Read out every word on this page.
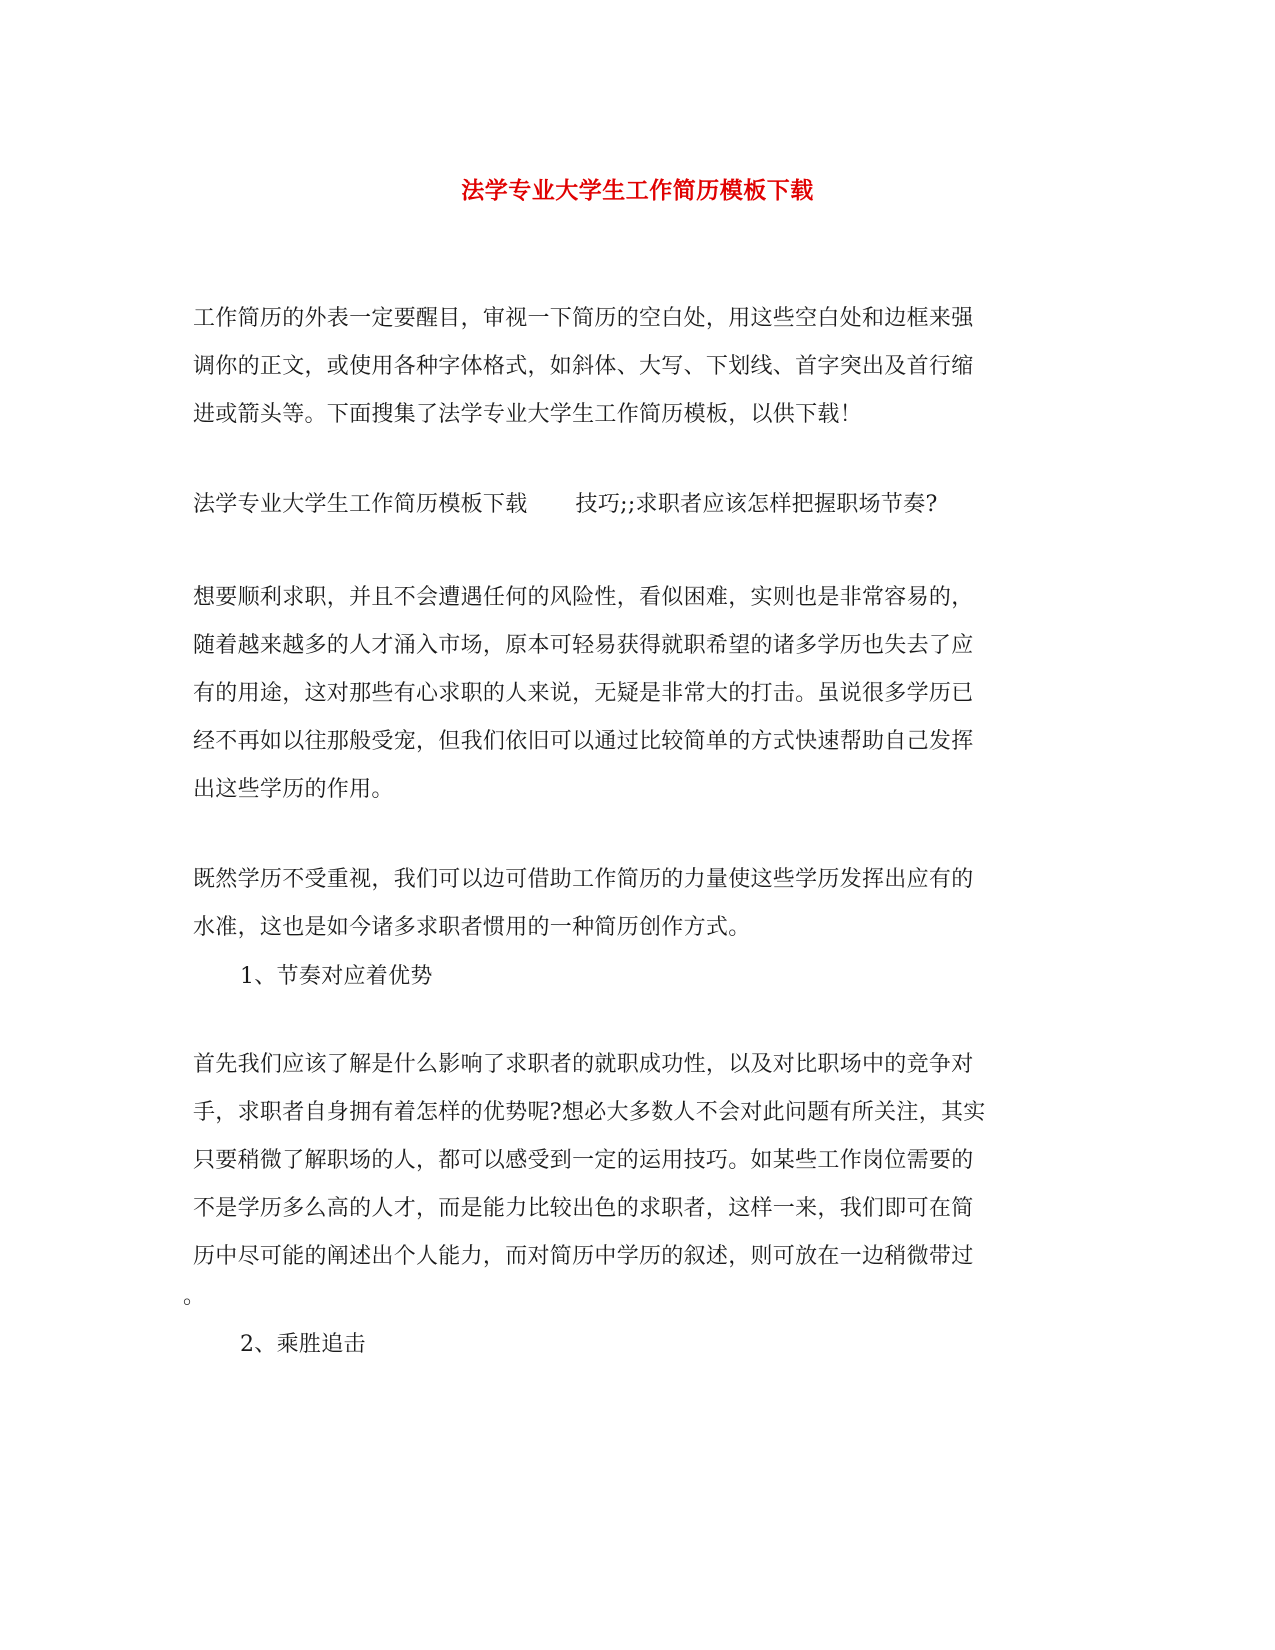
法学专业大学生工作简历模板下载
工作简历的外表一定要醒目，审视一下简历的空白处，用这些空白处和边框来强
调你的正文，或使用各种字体格式，如斜体、大写、下划线、首字突出及首行缩
进或箭头等。下面搜集了法学专业大学生工作简历模板，以供下载！
法学专业大学生工作简历模板下载 技巧;;求职者应该怎样把握职场节奏?
想要顺利求职，并且不会遭遇任何的风险性，看似困难，实则也是非常容易的，
随着越来越多的人才涌入市场，原本可轻易获得就职希望的诸多学历也失去了应
有的用途，这对那些有心求职的人来说，无疑是非常大的打击。虽说很多学历已
经不再如以往那般受宠，但我们依旧可以通过比较简单的方式快速帮助自己发挥
出这些学历的作用。
既然学历不受重视，我们可以边可借助工作简历的力量使这些学历发挥出应有的
水准，这也是如今诸多求职者惯用的一种简历创作方式。
1、节奏对应着优势
首先我们应该了解是什么影响了求职者的就职成功性，以及对比职场中的竞争对
手，求职者自身拥有着怎样的优势呢?想必大多数人不会对此问题有所关注，其实
只要稍微了解职场的人，都可以感受到一定的运用技巧。如某些工作岗位需要的
不是学历多么高的人才，而是能力比较出色的求职者，这样一来，我们即可在简
历中尽可能的阐述出个人能力，而对简历中学历的叙述，则可放在一边稍微带过
。
2、乘胜追击
